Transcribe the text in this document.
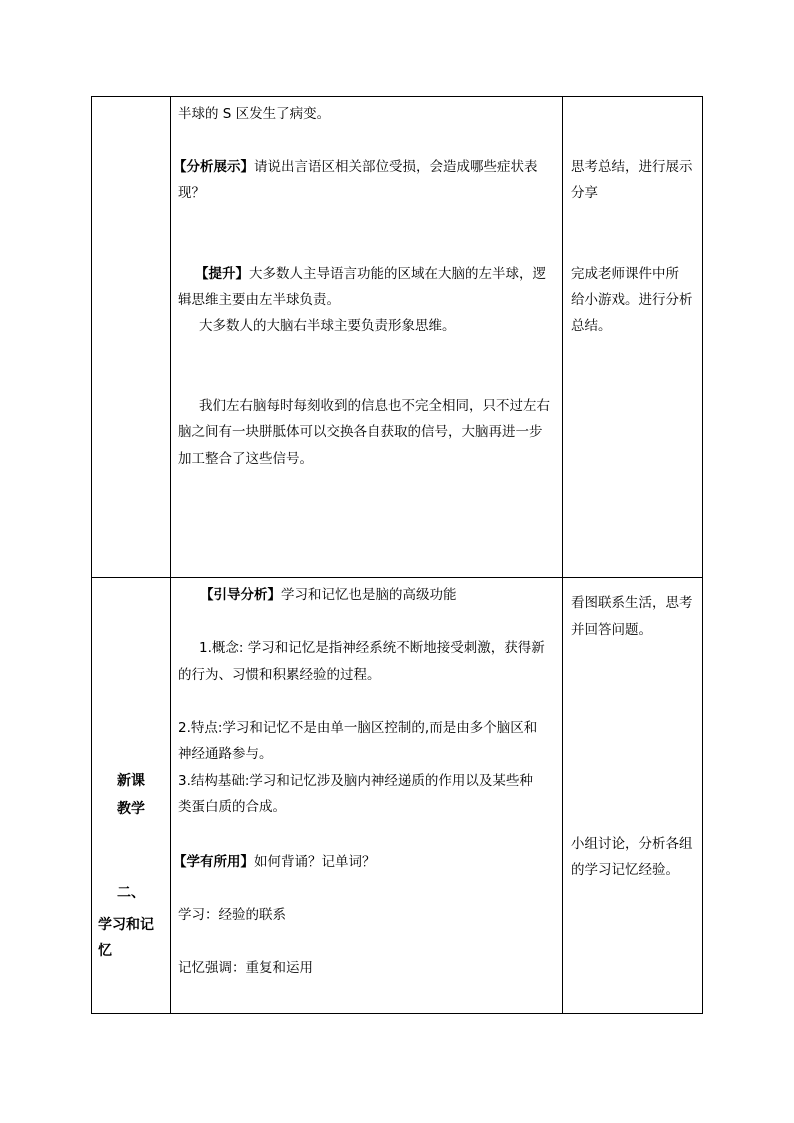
半球的 S 区发生了病变。
【分析展示】请说出言语区相关部位受损，会造成哪些症状表
现？
【提升】大多数人主导语言功能的区域在大脑的左半球，逻
辑思维主要由左半球负责。
大多数人的大脑右半球主要负责形象思维。
我们左右脑每时每刻收到的信息也不完全相同，只不过左右
脑之间有一块胼胝体可以交换各自获取的信号，大脑再进一步
加工整合了这些信号。
思考总结，进行展示
分享
完成老师课件中所
给小游戏。进行分析
总结。
新课
教学
二、
学习和记
忆
【引导分析】学习和记忆也是脑的高级功能
1.概念: 学习和记忆是指神经系统不断地接受刺激，获得新
的行为、习惯和积累经验的过程。
2.特点:学习和记忆不是由单一脑区控制的,而是由多个脑区和
神经通路参与。
3.结构基础:学习和记忆涉及脑内神经递质的作用以及某些种
类蛋白质的合成。
【学有所用】如何背诵？记单词？
学习：经验的联系
记忆强调：重复和运用
看图联系生活，思考
并回答问题。
小组讨论，分析各组
的学习记忆经验。
